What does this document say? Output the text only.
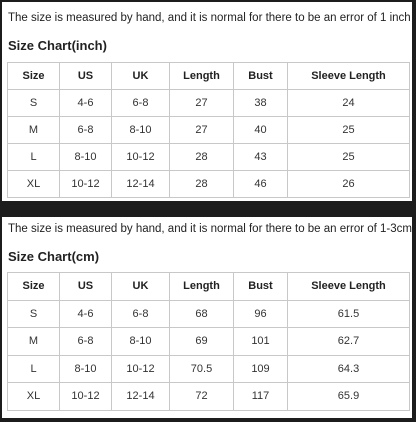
The size is measured by hand, and it is normal for there to be an error of 1 inch
Size Chart(inch)
Size	US	UK	Length	Bust	Sleeve Length
S	4-6	6-8	27	38	24
M	6-8	8-10	27	40	25
L	8-10	10-12	28	43	25
XL	10-12	12-14	28	46	26
The size is measured by hand, and it is normal for there to be an error of 1-3cm
Size Chart(cm)
Size	US	UK	Length	Bust	Sleeve Length
S	4-6	6-8	68	96	61.5
M	6-8	8-10	69	101	62.7
L	8-10	10-12	70.5	109	64.3
XL	10-12	12-14	72	117	65.9
